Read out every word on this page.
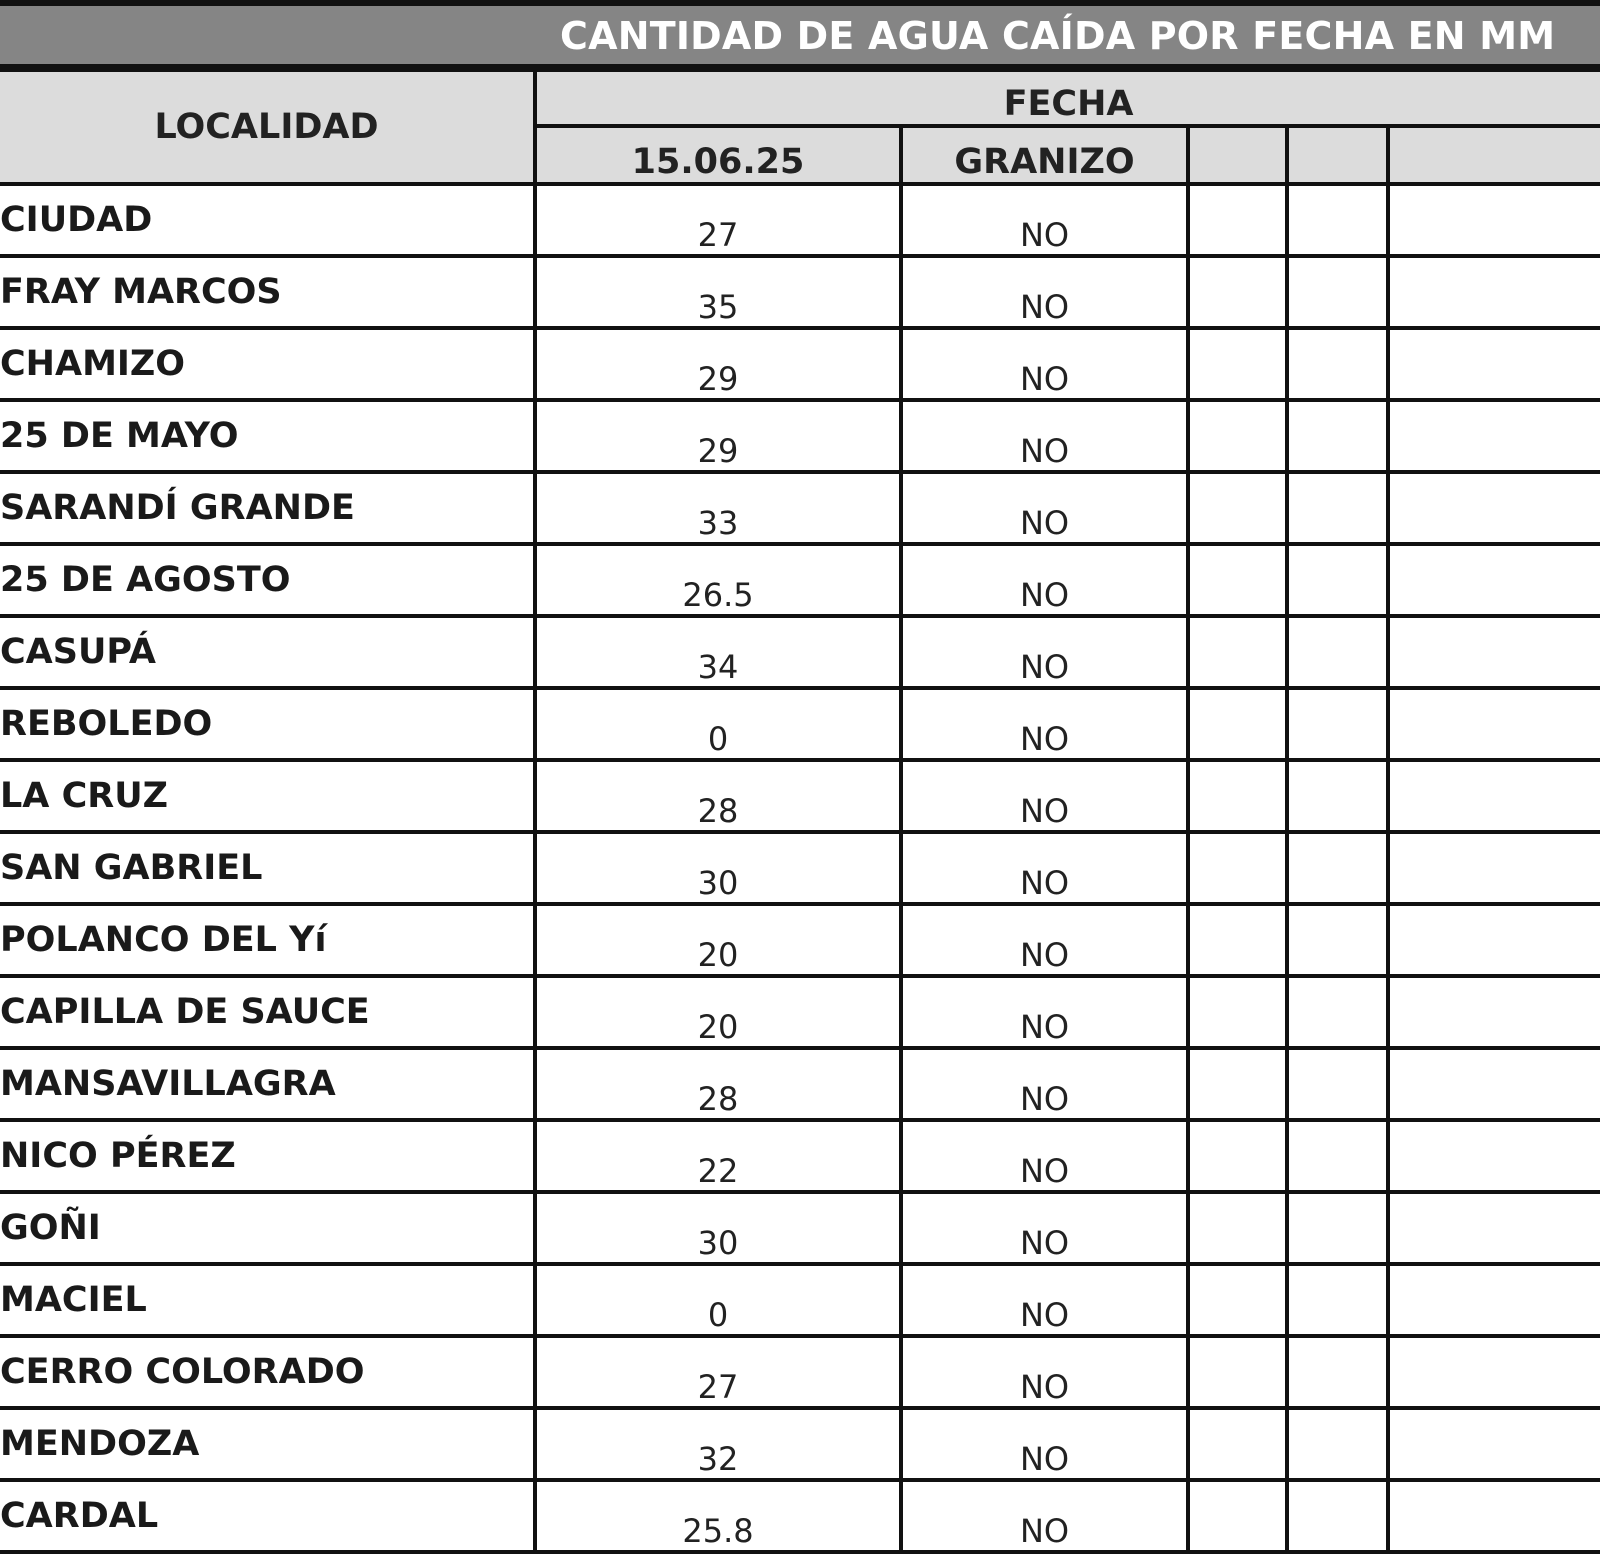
CANTIDAD DE AGUA CAÍDA POR FECHA EN MM
LOCALIDAD	FECHA				
	15.06.25	GRANIZO			
CIUDAD	27	NO			
FRAY MARCOS	35	NO			
CHAMIZO	29	NO			
25 DE MAYO	29	NO			
SARANDÍ GRANDE	33	NO			
25 DE AGOSTO	26.5	NO			
CASUPÁ	34	NO			
REBOLEDO	0	NO			
LA CRUZ	28	NO			
SAN GABRIEL	30	NO			
POLANCO DEL Yí	20	NO			
CAPILLA DE SAUCE	20	NO			
MANSAVILLAGRA	28	NO			
NICO PÉREZ	22	NO			
GOÑI	30	NO			
MACIEL	0	NO			
CERRO COLORADO	27	NO			
MENDOZA	32	NO			
CARDAL	25.8	NO			
